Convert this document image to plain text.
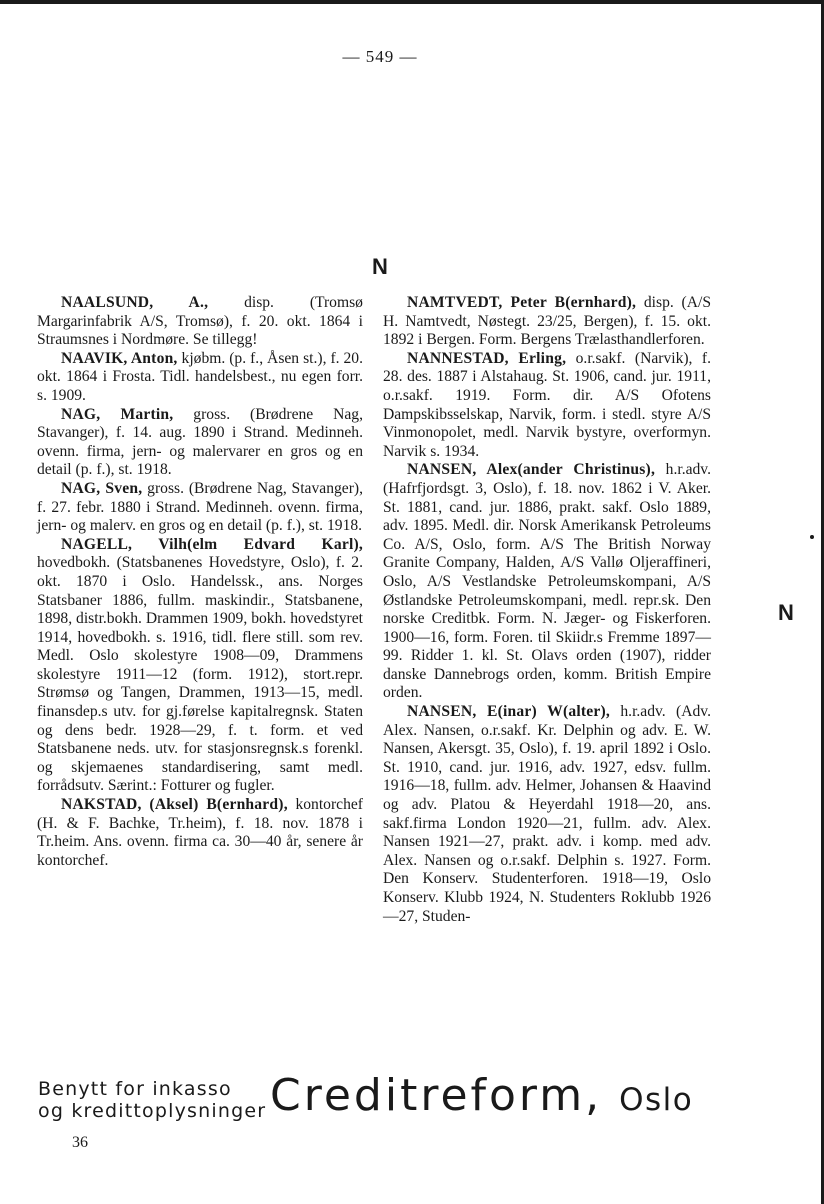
— 549 —
N
N

NAALSUND, A., disp. (Tromsø Margarinfabrik A/S, Tromsø), f. 20. okt. 1864 i Straumsnes i Nordmøre. Se tillegg!

NAAVIK, Anton, kjøbm. (p. f., Åsen st.), f. 20. okt. 1864 i Frosta. Tidl. handelsbest., nu egen forr. s. 1909.

NAG, Martin, gross. (Brødrene Nag, Stavanger), f. 14. aug. 1890 i Strand. Medinneh. ovenn. firma, jern- og malervarer en gros og en detail (p. f.), st. 1918.

NAG, Sven, gross. (Brødrene Nag, Stavanger), f. 27. febr. 1880 i Strand. Medinneh. ovenn. firma, jern- og malerv. en gros og en detail (p. f.), st. 1918.

NAGELL, Vilh(elm Edvard Karl), hovedbokh. (Statsbanenes Hovedstyre, Oslo), f. 2. okt. 1870 i Oslo. Handelssk., ans. Norges Statsbaner 1886, fullm. maskindir., Statsbanene, 1898, distr.bokh. Drammen 1909, bokh. hovedstyret 1914, hovedbokh. s. 1916, tidl. flere still. som rev. Medl. Oslo skolestyre 1908—09, Drammens skolestyre 1911—12 (form. 1912), stort.repr. Strømsø og Tangen, Drammen, 1913—15, medl. finansdep.s utv. for gj.førelse kapitalregnsk. Staten og dens bedr. 1928—29, f. t. form. et ved Statsbanene neds. utv. for stasjonsregnsk.s forenkl. og skjemaenes standardisering, samt medl. forrådsutv. Særint.: Fotturer og fugler.

NAKSTAD, (Aksel) B(ernhard), kontorchef (H. & F. Bachke, Tr.heim), f. 18. nov. 1878 i Tr.heim. Ans. ovenn. firma ca. 30—40 år, senere år kontorchef.

NAMTVEDT, Peter B(ernhard), disp. (A/S H. Namtvedt, Nøstegt. 23/25, Bergen), f. 15. okt. 1892 i Bergen. Form. Bergens Trælasthandlerforen.

NANNESTAD, Erling, o.r.sakf. (Narvik), f. 28. des. 1887 i Alstahaug. St. 1906, cand. jur. 1911, o.r.sakf. 1919. Form. dir. A/S Ofotens Dampskibsselskap, Narvik, form. i stedl. styre A/S Vinmonopolet, medl. Narvik bystyre, overformyn. Narvik s. 1934.

NANSEN, Alex(ander Christinus), h.r.adv. (Hafrfjordsgt. 3, Oslo), f. 18. nov. 1862 i V. Aker. St. 1881, cand. jur. 1886, prakt. sakf. Oslo 1889, adv. 1895. Medl. dir. Norsk Amerikansk Petroleums Co. A/S, Oslo, form. A/S The British Norway Granite Company, Halden, A/S Vallø Oljeraffineri, Oslo, A/S Vestlandske Petroleumskompani, A/S Østlandske Petroleumskompani, medl. repr.sk. Den norske Creditbk. Form. N. Jæger- og Fiskerforen. 1900—16, form. Foren. til Skiidr.s Fremme 1897—99. Ridder 1. kl. St. Olavs orden (1907), ridder danske Dannebrogs orden, komm. British Empire orden.

NANSEN, E(inar) W(alter), h.r.adv. (Adv. Alex. Nansen, o.r.sakf. Kr. Delphin og adv. E. W. Nansen, Akersgt. 35, Oslo), f. 19. april 1892 i Oslo. St. 1910, cand. jur. 1916, adv. 1927, edsv. fullm. 1916—18, fullm. adv. Helmer, Johansen & Haavind og adv. Platou & Heyerdahl 1918—20, ans. sakf.firma London 1920—21, fullm. adv. Alex. Nansen 1921—27, prakt. adv. i komp. med adv. Alex. Nansen og o.r.sakf. Delphin s. 1927. Form. Den Konserv. Studenterforen. 1918—19, Oslo Konserv. Klubb 1924, N. Studenters Roklubb 1926—27, Studen-

Benytt for inkasso
og kredittoplysninger Creditreform, Oslo
36
